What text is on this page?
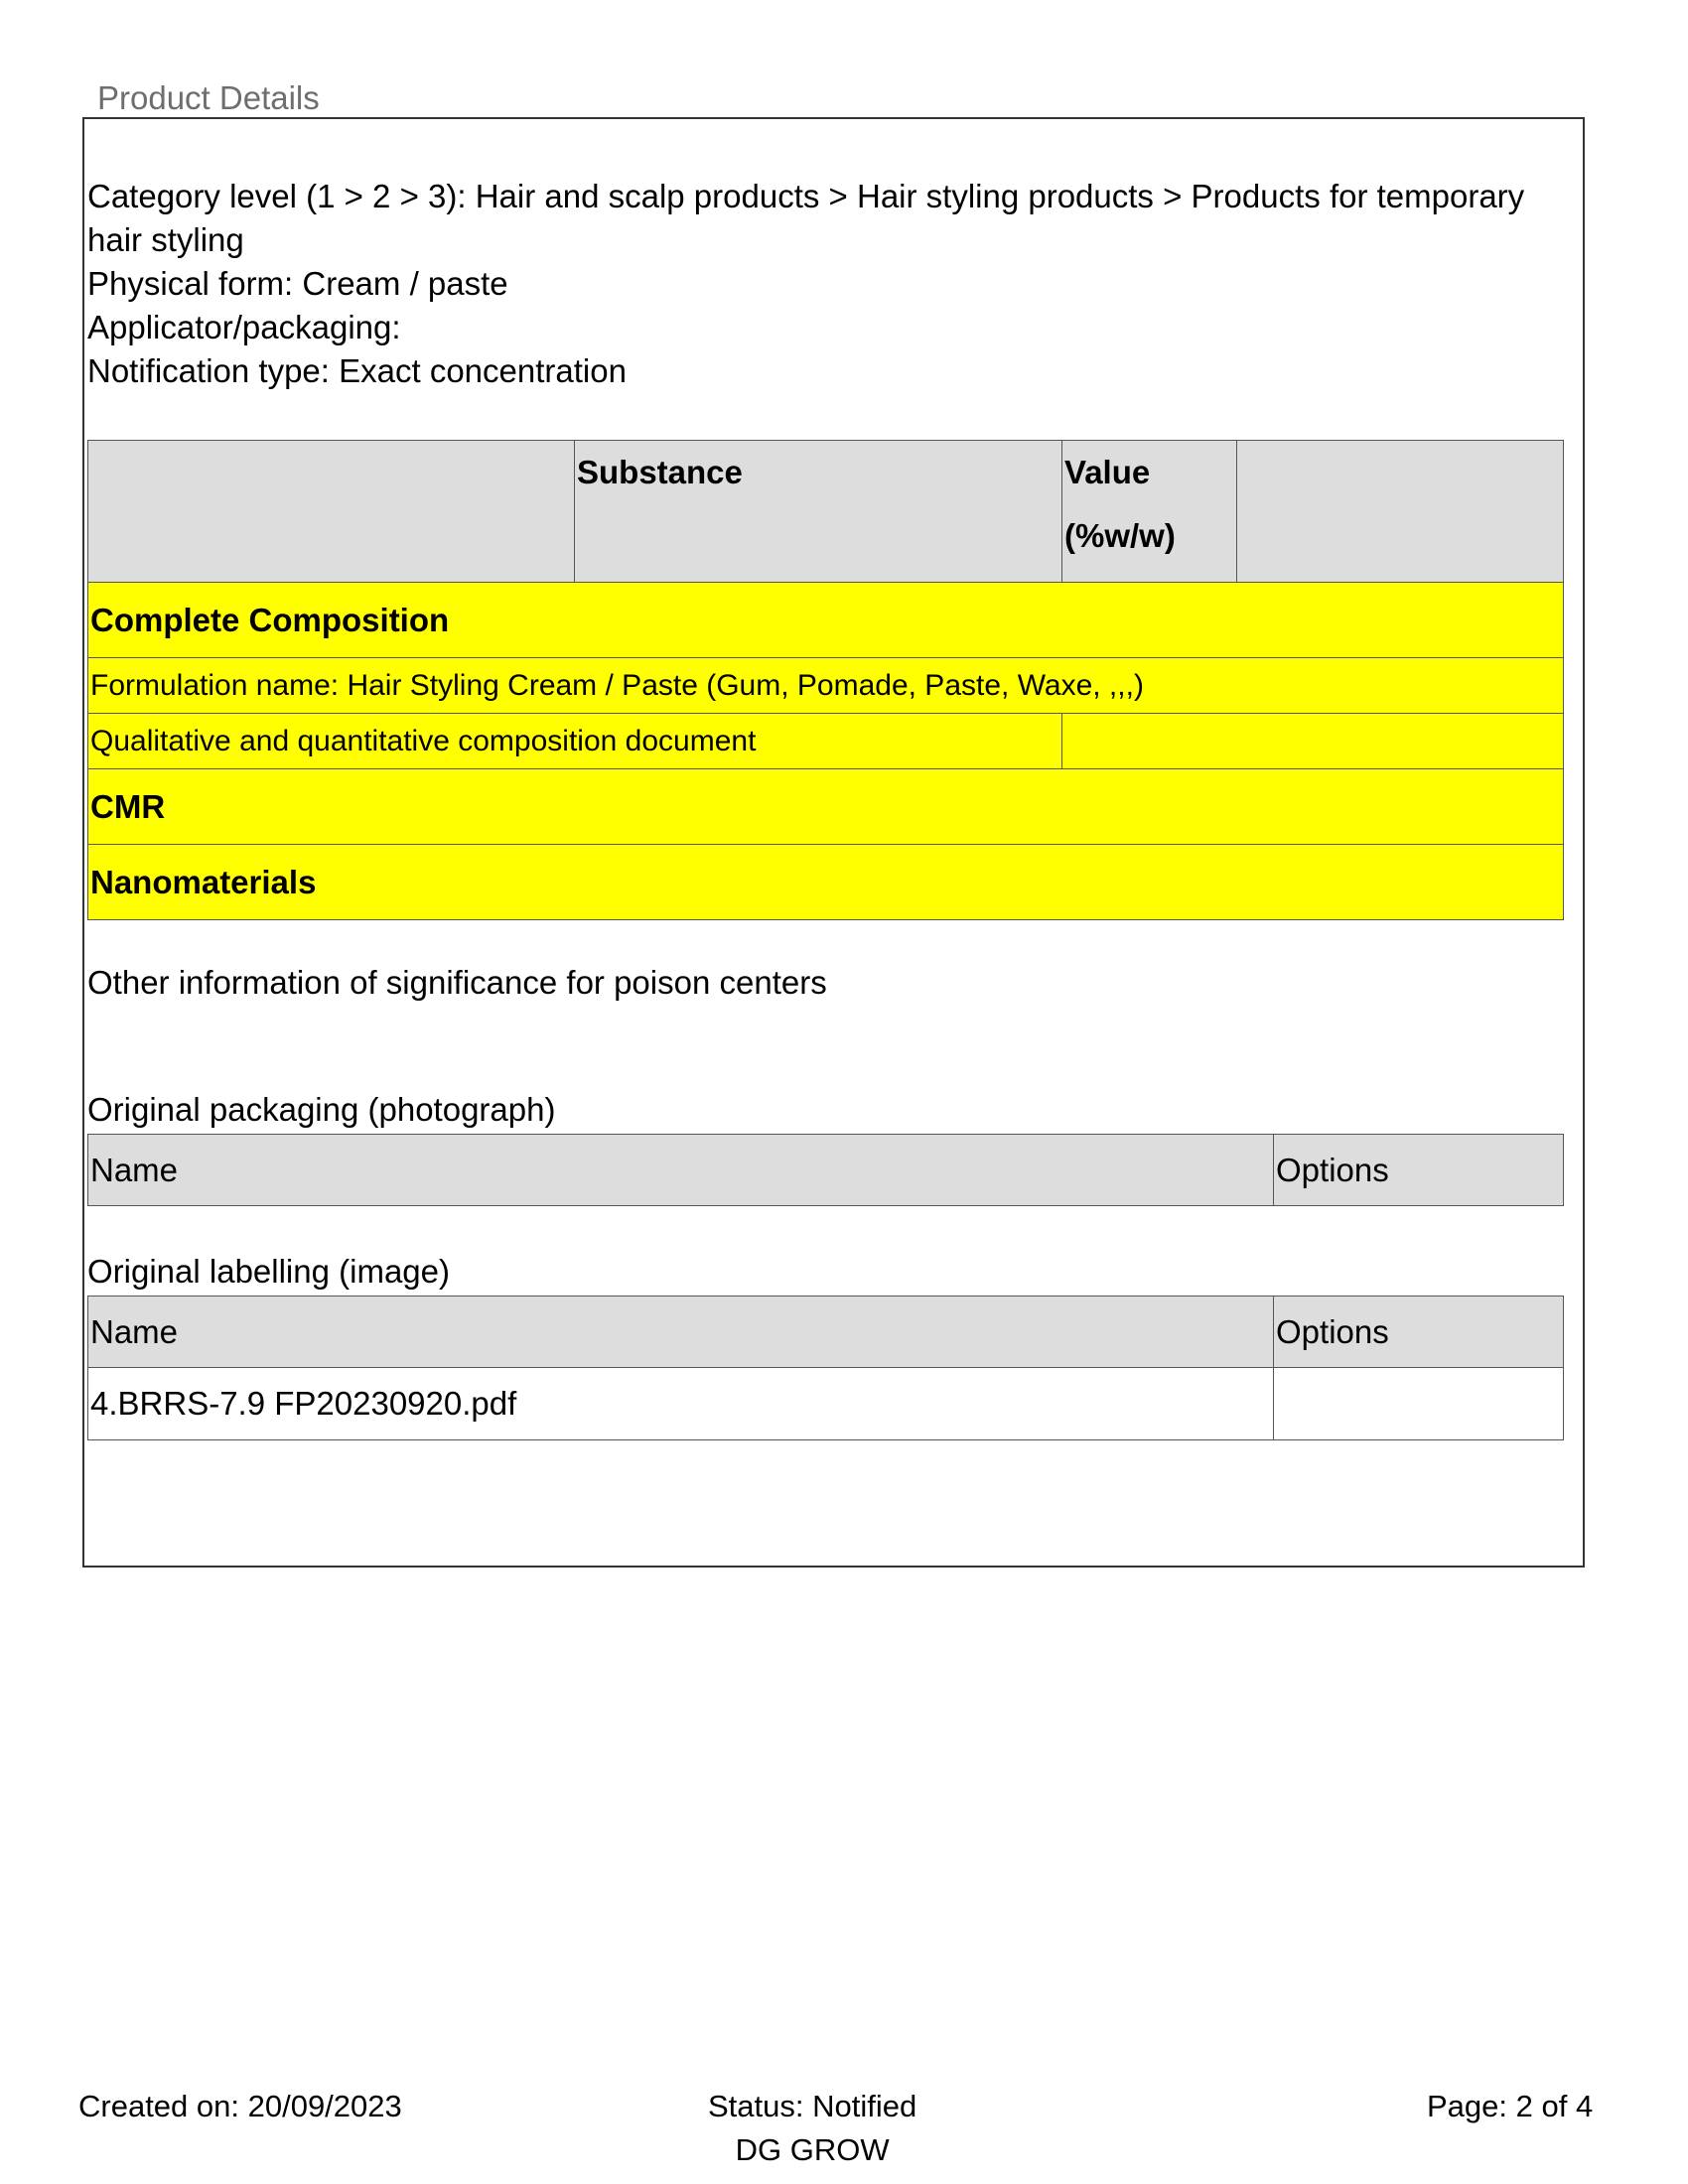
Product Details
Category level (1 > 2 > 3): Hair and scalp products > Hair styling products > Products for temporary hair styling
Physical form: Cream / paste
Applicator/packaging:
Notification type: Exact concentration
	Substance	Value
(%w/w)	

Complete Composition			
Formulation name: Hair Styling Cream / Paste (Gum, Pomade, Paste, Waxe, ,,,)			
Qualitative and quantitative composition document			
CMR			
Nanomaterials			
Other information of significance for poison centers
Original packaging (photograph)
Name	Options
Original labelling (image)
Name	Options
4.BRRS-7.9 FP20230920.pdf	
Created on: 20/09/2023	Status: Notified
DG GROW
Page: 2 of 4
